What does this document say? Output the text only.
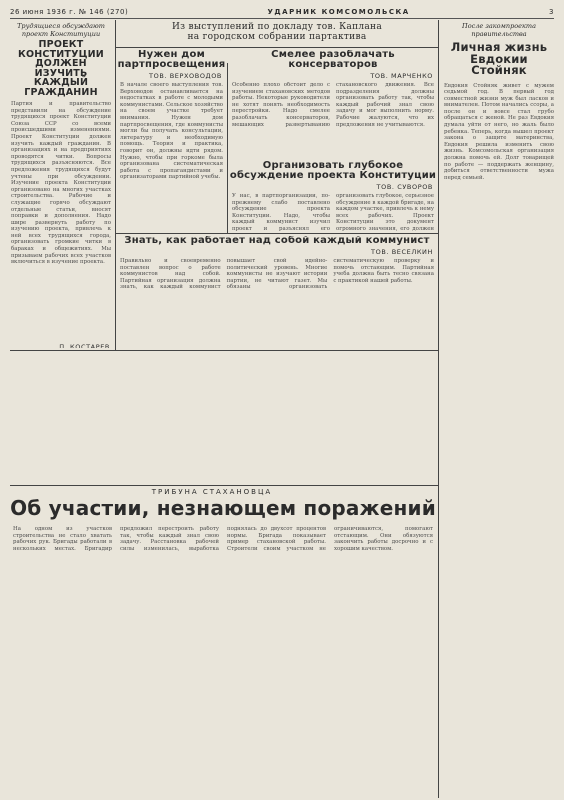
26 июня 1936 г. № 146 (270)	УДАРНИК КОМСОМОЛЬСКА	3
Трудящиеся обсуждают проект Конституции
ПРОЕКТ КОНСТИТУЦИИ ДОЛЖЕН ИЗУЧИТЬ КАЖДЫЙ ГРАЖДАНИН
Партия и правительство представили на обсуждение трудящихся проект Конституции Союза ССР со всеми происшедшими изменениями. Проект Конституции должен изучить каждый гражданин. В организациях и на предприятиях проводятся читки. Вопросы трудящихся разъясняются. Все предложения трудящихся будут учтены при обсуждении. Изучение проекта Конституции организовано на многих участках строительства. Рабочие и служащие горячо обсуждают отдельные статьи, вносят поправки и дополнения. Надо шире развернуть работу по изучению проекта, привлечь к ней всех трудящихся города, организовать громкие читки в бараках и общежитиях. Мы призываем рабочих всех участков включиться в изучение проекта.
П. КОСТАРЕВ
Из выступлений по докладу тов. Каплана
на городском собрании партактива
Нужен дом партпросвещения
ТОВ. ВЕРХОВОДОВ
В начале своего выступления тов. Верховодов останавливается на недостатках в работе с молодыми коммунистами. Сельское хозяйство на своем участке требует внимания. Нужен дом партпросвещения, где коммунисты могли бы получать консультации, литературу и необходимую помощь. Теория и практика, говорит он, должны идти рядом. Нужно, чтобы при горкоме была организована систематическая работа с пропагандистами и организаторами партийной учебы.
Смелее разоблачать консерваторов
ТОВ. МАРЧЕНКО
Особенно плохо обстоит дело с изучением стахановских методов работы. Некоторые руководители не хотят понять необходимость перестройки. Надо смелее разоблачать консерваторов, мешающих развертыванию стахановского движения. Все подразделения должны организовать работу так, чтобы каждый рабочий знал свою задачу и мог выполнить норму. Рабочие жалуются, что их предложения не учитываются.
Организовать глубокое обсуждение проекта Конституции
ТОВ. СУВОРОВ
У нас, в партпорганизации, по-прежнему слабо поставлено обсуждение проекта Конституции. Надо, чтобы каждый коммунист изучил проект и разъяснял его организовать глубокое, серьезное обсуждение в каждой бригаде, на каждом участке, привлечь к нему всех рабочих. Проект Конституции это документ огромного значения, его должен
Знать, как работает над собой каждый коммунист
ТОВ. ВЕСЕЛКИН
Правильно и своевременно поставлен вопрос о работе коммунистов над собой. Партийная организация должна знать, как каждый коммунист повышает свой идейно-политический уровень. Многие коммунисты не изучают истории партии, не читают газет. Мы обязаны организовать систематическую проверку и помочь отстающим. Партийная учеба должна быть тесно связана с практикой нашей работы.
После закомпроекта правительства
Личная жизнь Евдокии Стойняк
Евдокия Стойняк живет с мужем седьмой год. В первый год совместной жизни муж был ласков и внимателен. Потом начались ссоры, а после он и вовсе стал грубо обращаться с женой. Не раз Евдокия думала уйти от него, но жаль было ребенка. Теперь, когда вышел проект закона о защите материнства, Евдокия решила изменить свою жизнь. Комсомольская организация должна помочь ей. Долг товарищей по работе — поддержать женщину, добиться ответственности мужа перед семьей.
ТРИБУНА СТАХАНОВЦА
Об участии, незнающем поражений
На одном из участков строительства не стало хватать рабочих рук. Бригады работали в нескольких местах. Бригадир предложил перестроить работу так, чтобы каждый знал свою задачу. Расстановка рабочей силы изменилась, выработка поднялась до двухсот процентов нормы. Бригада показывает пример стахановской работы. Строители своим участком не ограничиваются, помогают отстающим. Они обязуются закончить работы досрочно и с хорошим качеством.
